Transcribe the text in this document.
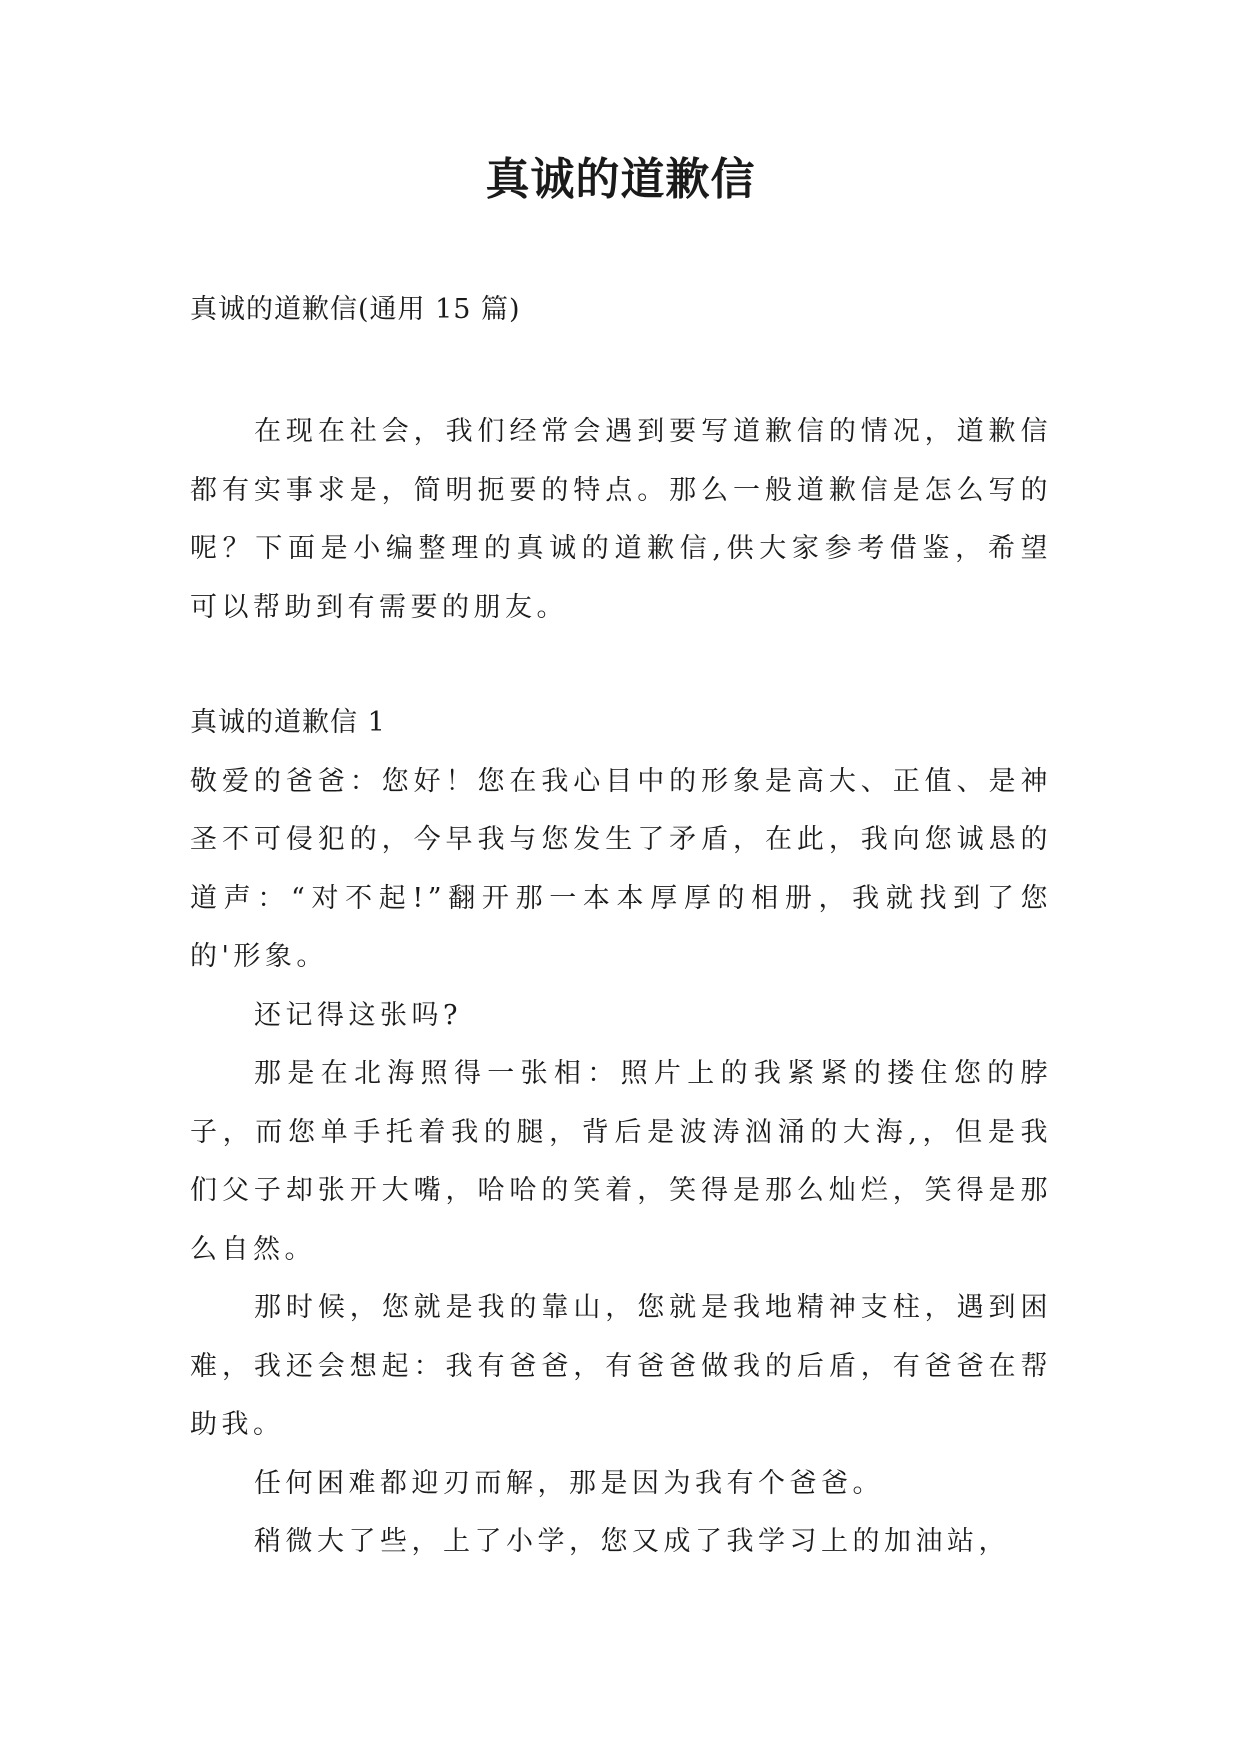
真诚的道歉信
真诚的道歉信(通用 15 篇)

在现在社会，我们经常会遇到要写道歉信的情况，道歉信都有实事求是，简明扼要的特点。那么一般道歉信是怎么写的呢？下面是小编整理的真诚的道歉信,供大家参考借鉴，希望可以帮助到有需要的朋友。

真诚的道歉信 1

敬爱的爸爸：您好！您在我心目中的形象是高大、正值、是神圣不可侵犯的，今早我与您发生了矛盾，在此，我向您诚恳的道声：“对不起!”翻开那一本本厚厚的相册，我就找到了您的'形象。

还记得这张吗?

那是在北海照得一张相：照片上的我紧紧的搂住您的脖子，而您单手托着我的腿，背后是波涛汹涌的大海,，但是我们父子却张开大嘴，哈哈的笑着，笑得是那么灿烂，笑得是那么自然。

那时候，您就是我的靠山，您就是我地精神支柱，遇到困难，我还会想起：我有爸爸，有爸爸做我的后盾，有爸爸在帮助我。

任何困难都迎刃而解，那是因为我有个爸爸。

稍微大了些，上了小学，您又成了我学习上的加油站，
